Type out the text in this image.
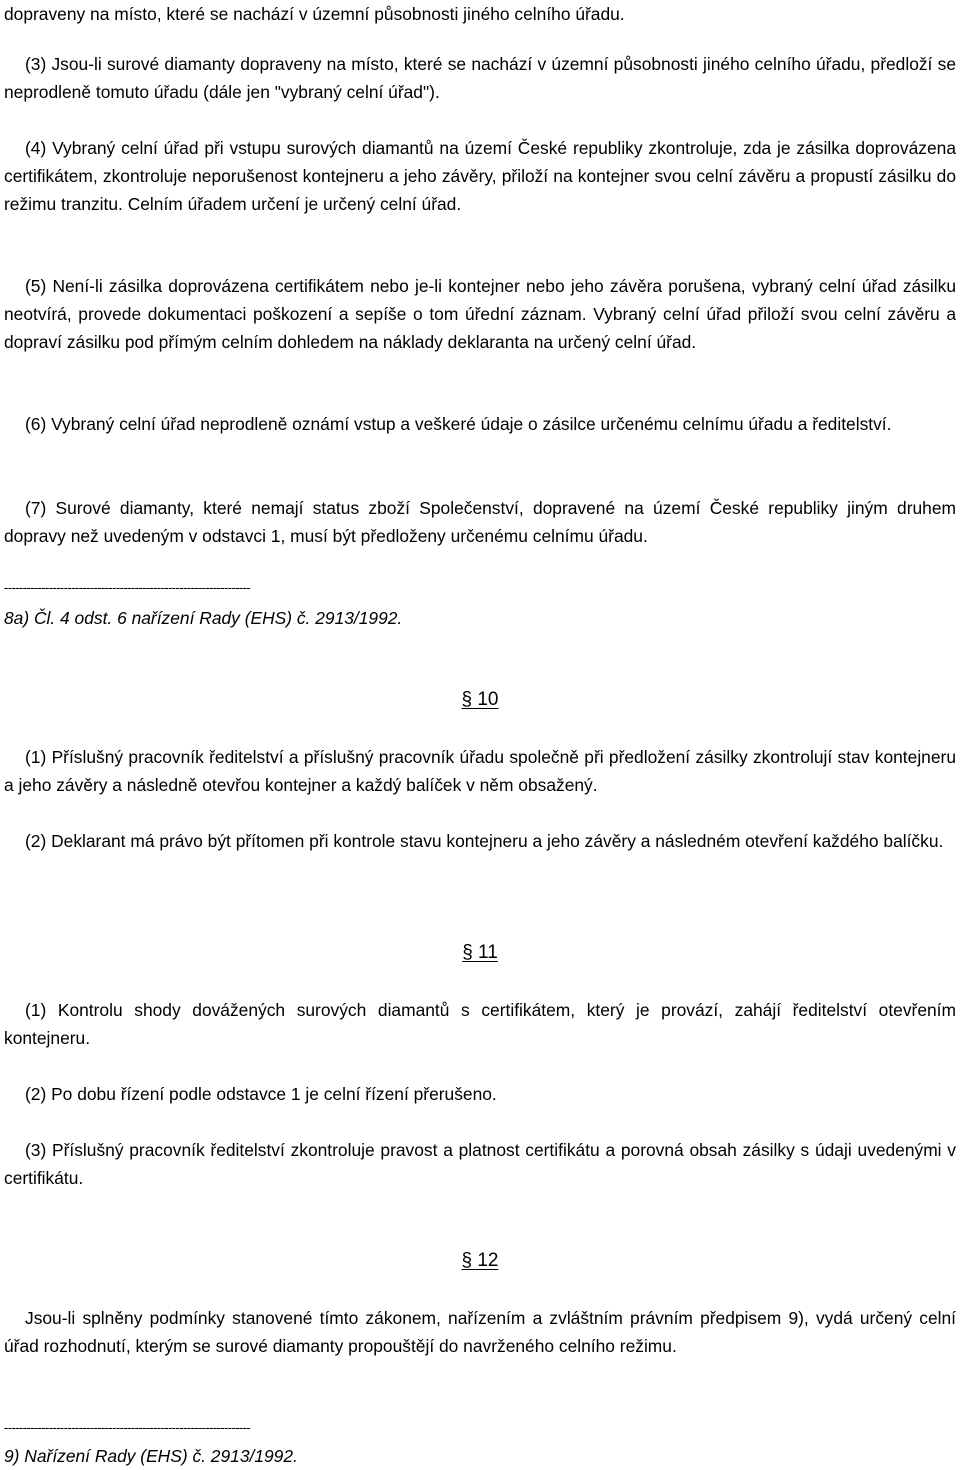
dopraveny na místo, které se nachází v územní působnosti jiného celního úřadu.

(3) Jsou-li surové diamanty dopraveny na místo, které se nachází v územní působnosti jiného celního úřadu, předloží se neprodleně tomuto úřadu (dále jen "vybraný celní úřad").

(4) Vybraný celní úřad při vstupu surových diamantů na území České republiky zkontroluje, zda je zásilka doprovázena certifikátem, zkontroluje neporušenost kontejneru a jeho závěry, přiloží na kontejner svou celní závěru a propustí zásilku do režimu tranzitu. Celním úřadem určení je určený celní úřad.

(5) Není-li zásilka doprovázena certifikátem nebo je-li kontejner nebo jeho závěra porušena, vybraný celní úřad zásilku neotvírá, provede dokumentaci poškození a sepíše o tom úřední záznam. Vybraný celní úřad přiloží svou celní závěru a dopraví zásilku pod přímým celním dohledem na náklady deklaranta na určený celní úřad.

(6) Vybraný celní úřad neprodleně oznámí vstup a veškeré údaje o zásilce určenému celnímu úřadu a ředitelství.

(7) Surové diamanty, které nemají status zboží Společenství, dopravené na území České republiky jiným druhem dopravy než uvedeným v odstavci 1, musí být předloženy určenému celnímu úřadu.

------------------------------------------------------------------
8a) Čl. 4 odst. 6 nařízení Rady (EHS) č. 2913/1992.
§ 10

(1) Příslušný pracovník ředitelství a příslušný pracovník úřadu společně při předložení zásilky zkontrolují stav kontejneru a jeho závěry a následně otevřou kontejner a každý balíček v něm obsažený.

(2) Deklarant má právo být přítomen při kontrole stavu kontejneru a jeho závěry a následném otevření každého balíčku.

§ 11

(1) Kontrolu shody dovážených surových diamantů s certifikátem, který je provází, zahájí ředitelství otevřením kontejneru.

(2) Po dobu řízení podle odstavce 1 je celní řízení přerušeno.

(3) Příslušný pracovník ředitelství zkontroluje pravost a platnost certifikátu a porovná obsah zásilky s údaji uvedenými v certifikátu.

§ 12

Jsou-li splněny podmínky stanovené tímto zákonem, nařízením a zvláštním právním předpisem 9), vydá určený celní úřad rozhodnutí, kterým se surové diamanty propouštějí do navrženého celního režimu.

------------------------------------------------------------------
9) Nařízení Rady (EHS) č. 2913/1992.
